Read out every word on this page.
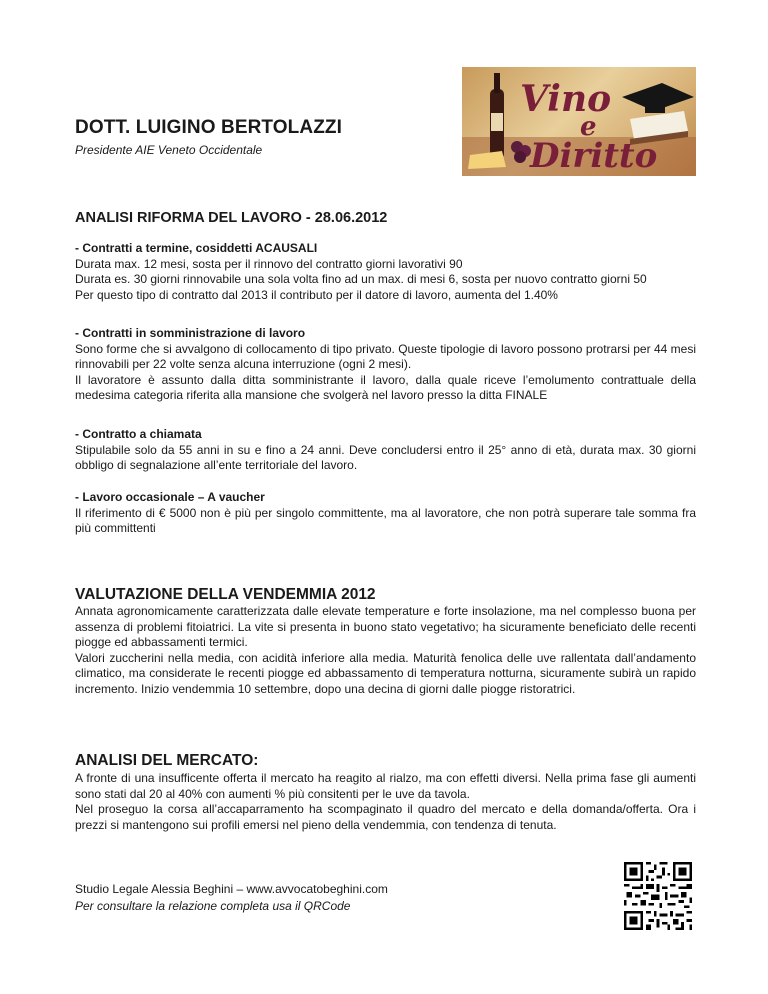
DOTT. LUIGINO BERTOLAZZI
Presidente AIE Veneto Occidentale
Vino
e
Diritto
ANALISI RIFORMA DEL LAVORO - 28.06.2012
- Contratti a termine, cosiddetti ACAUSALI
Durata max. 12 mesi, sosta per il rinnovo del contratto giorni lavorativi 90
Durata es. 30 giorni rinnovabile una sola volta fino ad un max. di mesi 6, sosta per nuovo contratto giorni 50
Per questo tipo di contratto dal 2013 il contributo per il datore di lavoro, aumenta del 1.40%
- Contratti in somministrazione di lavoro

Sono forme che si avvalgono di collocamento di tipo privato. Queste tipologie di lavoro possono protrarsi per 44 mesi rinnovabili per 22 volte senza alcuna interruzione (ogni 2 mesi).

Il lavoratore è assunto dalla ditta somministrante il lavoro, dalla quale riceve l’emolumento contrattuale della medesima categoria riferita alla mansione che svolgerà nel lavoro presso la ditta FINALE

- Contratto a chiamata

Stipulabile solo da 55 anni in su e fino a 24 anni. Deve concludersi entro il 25° anno di età, durata max. 30 giorni obbligo di segnalazione all’ente territoriale del lavoro.

- Lavoro occasionale – A vaucher

Il riferimento di € 5000 non è più per singolo committente, ma al lavoratore, che non potrà superare tale somma fra più committenti

VALUTAZIONE DELLA VENDEMMIA 2012

Annata agronomicamente caratterizzata dalle elevate temperature e forte insolazione, ma nel complesso buona per assenza di problemi fitoiatrici. La vite si presenta in buono stato vegetativo; ha sicuramente beneficiato delle recenti piogge ed abbassamenti termici.

Valori zuccherini nella media, con acidità inferiore alla media. Maturità fenolica delle uve rallentata dall’andamento climatico, ma considerate le recenti piogge ed abbassamento di temperatura notturna, sicuramente subirà un rapido incremento. Inizio vendemmia 10 settembre, dopo una decina di giorni dalle piogge ristoratrici.

ANALISI DEL MERCATO:

A fronte di una insufficente offerta il mercato ha reagito al rialzo, ma con effetti diversi. Nella prima fase gli aumenti sono stati dal 20 al 40% con aumenti % più consitenti per le uve da tavola.

Nel proseguo la corsa all’accaparramento ha scompaginato il quadro del mercato e della domanda/offerta. Ora i prezzi si mantengono sui profili emersi nel pieno della vendemmia, con tendenza di tenuta.

Studio Legale Alessia Beghini – www.avvocatobeghini.com
Per consultare la relazione completa usa il QRCode
